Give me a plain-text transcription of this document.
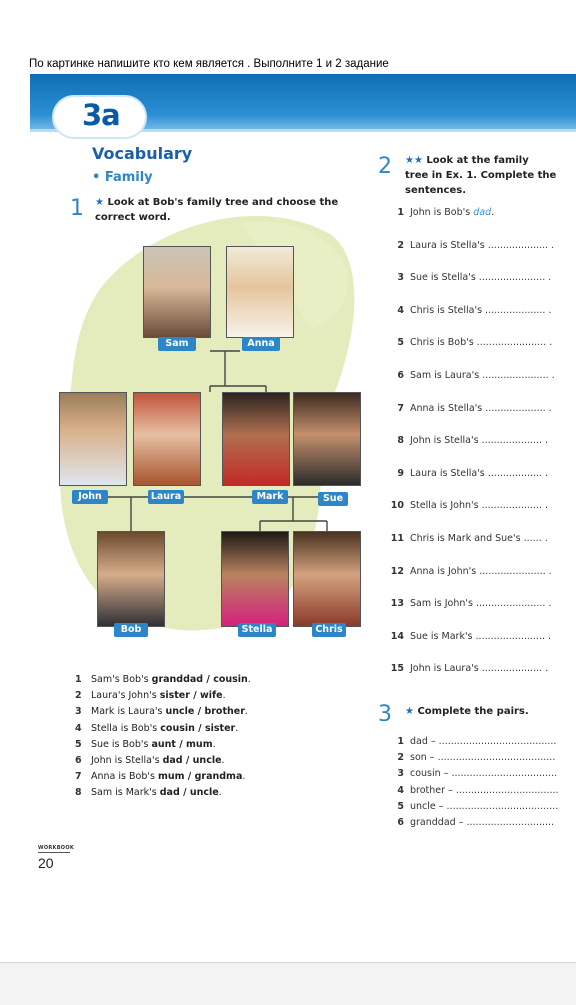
По картинке напишите кто кем является . Выполните 1 и 2 задание
3a
Vocabulary
• Family
1 ★ Look at Bob's family tree and choose the
correct word.
Sam	Anna
John	Laura	Mark	Sue
Bob	Stella	Chris
1 Sam's Bob's granddad / cousin.
2 Laura's John's sister / wife.
3 Mark is Laura's uncle / brother.
4 Stella is Bob's cousin / sister.
5 Sue is Bob's aunt / mum.
6 John is Stella's dad / uncle.
7 Anna is Bob's mum / grandma.
8 Sam is Mark's dad / uncle.
2 ★★ Look at the family
tree in Ex. 1. Complete the
sentences.
1 John is Bob's dad.
2 Laura is Stella's .................... .
3 Sue is Stella's ...................... .
4 Chris is Stella's .................... .
5 Chris is Bob's ....................... .
6 Sam is Laura's ...................... .
7 Anna is Stella's .................... .
8 John is Stella's .................... .
9 Laura is Stella's .................. .
10 Stella is John's .................... .
11 Chris is Mark and Sue's ...... .
12 Anna is John's ...................... .
13 Sam is John's ....................... .
14 Sue is Mark's ....................... .
15 John is Laura's .................... .
3 ★ Complete the pairs.
1 dad – .......................................
2 son – .......................................
3 cousin – ...................................
4 brother – ..................................
5 uncle – .....................................
6 granddad – .............................
WORKBOOK
20
